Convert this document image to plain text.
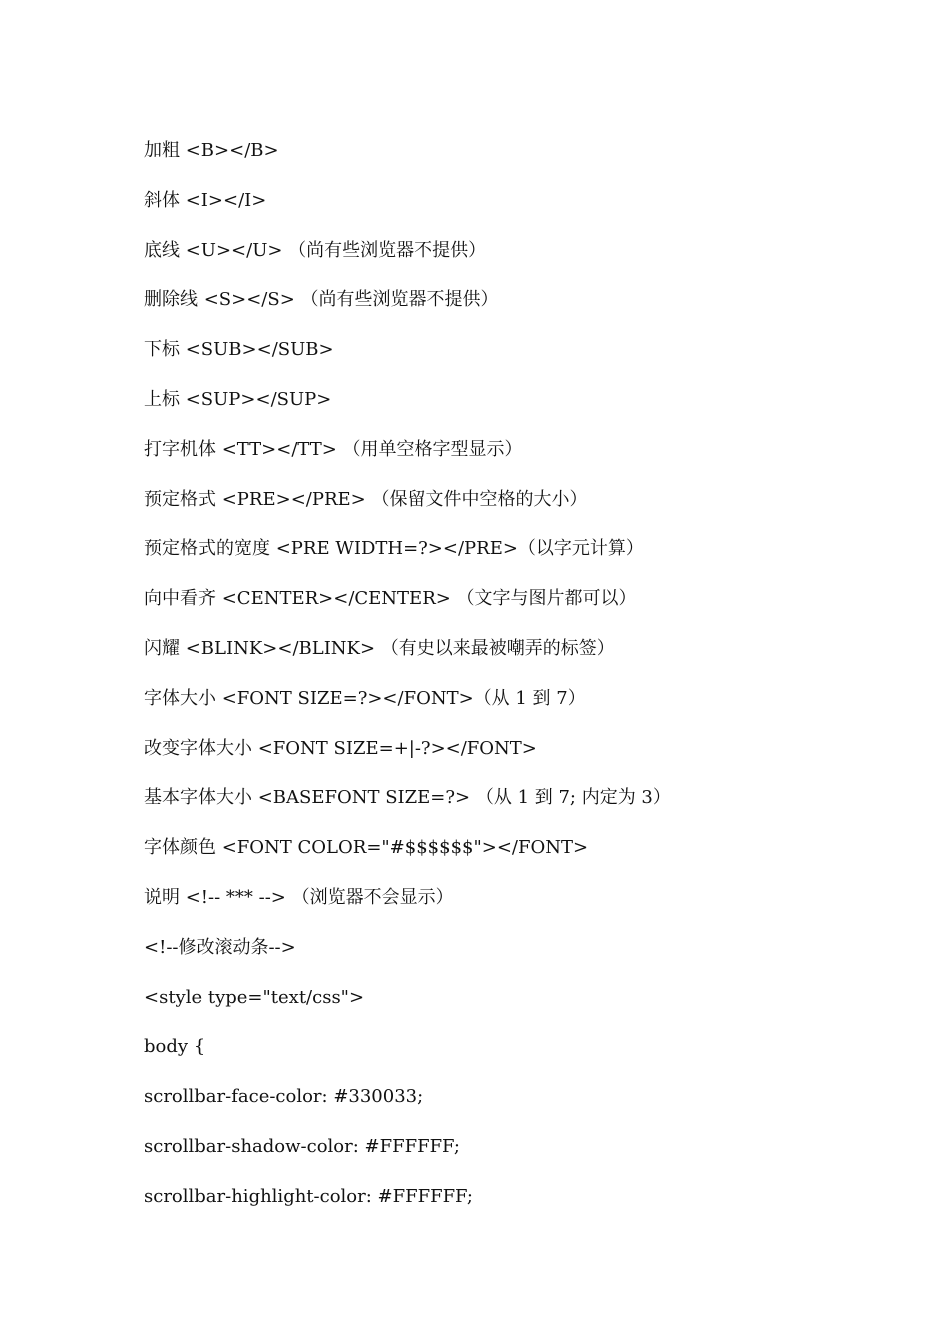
加粗 <B></B>
斜体 <I></I>
底线 <U></U> （尚有些浏览器不提供）
删除线 <S></S> （尚有些浏览器不提供）
下标 <SUB></SUB>
上标 <SUP></SUP>
打字机体 <TT></TT> （用单空格字型显示）
预定格式 <PRE></PRE> （保留文件中空格的大小）
预定格式的宽度 <PRE WIDTH=?></PRE>（以字元计算）
向中看齐 <CENTER></CENTER> （文字与图片都可以）
闪耀 <BLINK></BLINK> （有史以来最被嘲弄的标签）
字体大小 <FONT SIZE=?></FONT>（从 1 到 7）
改变字体大小 <FONT SIZE=+|-?></FONT>
基本字体大小 <BASEFONT SIZE=?> （从 1 到 7; 内定为 3）
字体颜色 <FONT COLOR="#$$$$$$"></FONT>
说明 <!-- *** --> （浏览器不会显示）
<!--修改滚动条-->
<style type="text/css">
body {
scrollbar-face-color: #330033;
scrollbar-shadow-color: #FFFFFF;
scrollbar-highlight-color: #FFFFFF;
